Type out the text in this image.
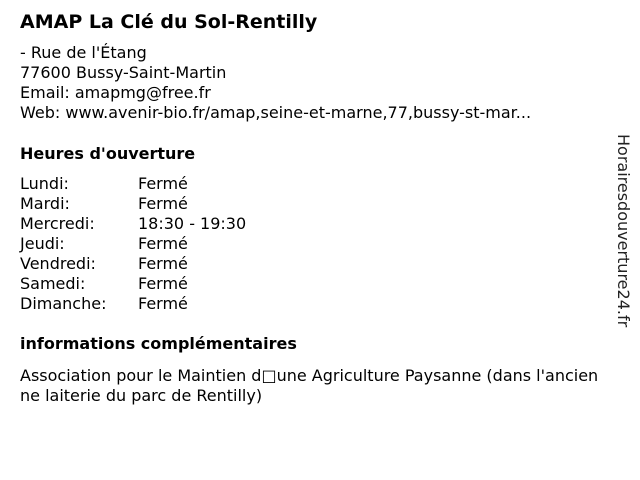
AMAP La Clé du Sol-Rentilly
- Rue de l'Étang
77600 Bussy-Saint-Martin
Email: amapmg@free.fr
Web: www.avenir-bio.fr/amap,seine-et-marne,77,bussy-st-mar...
Heures d'ouverture
Lundi:	Fermé
Mardi:	Fermé
Mercredi:	18:30 - 19:30
Jeudi:	Fermé
Vendredi:	Fermé
Samedi:	Fermé
Dimanche:	Fermé
informations complémentaires
Association pour le Maintien d□une Agriculture Paysanne (dans l'ancienne laiterie du parc de Rentilly)
Horairesdouverture24.fr
